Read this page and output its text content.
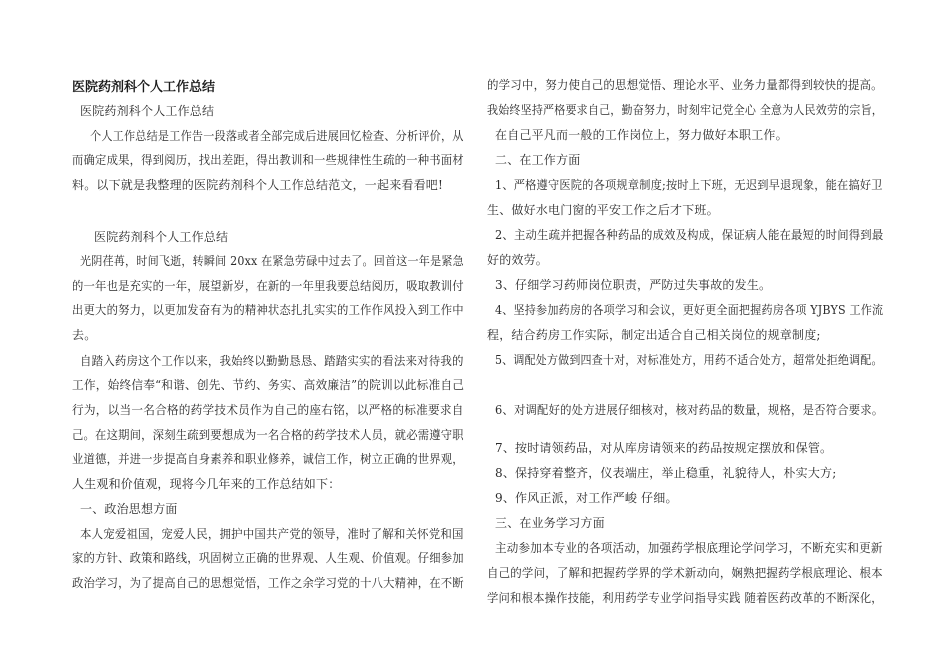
医院药剂科个人工作总结
医院药剂科个人工作总结
个人工作总结是工作告一段落或者全部完成后进展回忆检查、分析评价，从
而确定成果，得到阅历，找出差距，得出教训和一些规律性生疏的一种书面材
料。以下就是我整理的医院药剂科个人工作总结范文，一起来看看吧!
医院药剂科个人工作总结
光阴荏苒，时间飞逝，转瞬间 20xx 在紧急劳碌中过去了。回首这一年是紧急
的一年也是充实的一年，展望新岁，在新的一年里我要总结阅历，吸取教训付
出更大的努力，以更加发奋有为的精神状态扎扎实实的工作作风投入到工作中
去。
自踏入药房这个工作以来，我始终以勤勤恳恳、踏踏实实的看法来对待我的
工作，始终信奉“和谐、创先、节约、务实、高效廉洁”的院训以此标准自己
行为，以当一名合格的药学技术员作为自己的座右铭，以严格的标准要求自
己。在这期间，深刻生疏到要想成为一名合格的药学技术人员，就必需遵守职
业道德，并进一步提高自身素养和职业修养，诚信工作，树立正确的世界观，
人生观和价值观，现将今几年来的工作总结如下：
一、政治思想方面
本人宠爱祖国，宠爱人民，拥护中国共产党的领导，准时了解和关怀党和国
家的方针、政策和路线，巩固树立正确的世界观、人生观、价值观。仔细参加
政治学习，为了提高自己的思想觉悟，工作之余学习党的十八大精神，在不断
的学习中，努力使自己的思想觉悟、理论水平、业务力量都得到较快的提高。
我始终坚持严格要求自己，勤奋努力，时刻牢记党全心 全意为人民效劳的宗旨，
在自己平凡而一般的工作岗位上，努力做好本职工作。
二、在工作方面
1、严格遵守医院的各项规章制度;按时上下班，无迟到早退现象，能在搞好卫
生、做好水电门窗的平安工作之后才下班。
2、主动生疏并把握各种药品的成效及构成，保证病人能在最短的时间得到最
好的效劳。
3、仔细学习药师岗位职责，严防过失事故的发生。
4、坚持参加药房的各项学习和会议，更好更全面把握药房各项 YJBYS 工作流
程，结合药房工作实际，制定出适合自己相关岗位的规章制度;
5、调配处方做到四查十对，对标准处方，用药不适合处方，超常处拒绝调配。
6、对调配好的处方进展仔细核对，核对药品的数量，规格，是否符合要求。
7、按时请领药品，对从库房请领来的药品按规定摆放和保管。
8、保持穿着整齐，仪表端庄，举止稳重，礼貌待人，朴实大方;
9、作风正派，对工作严峻 仔细。
三、在业务学习方面
主动参加本专业的各项活动，加强药学根底理论学问学习，不断充实和更新
自己的学问，了解和把握药学界的学术新动向，娴熟把握药学根底理论、根本
学问和根本操作技能，利用药学专业学问指导实践 随着医药改革的不断深化，
